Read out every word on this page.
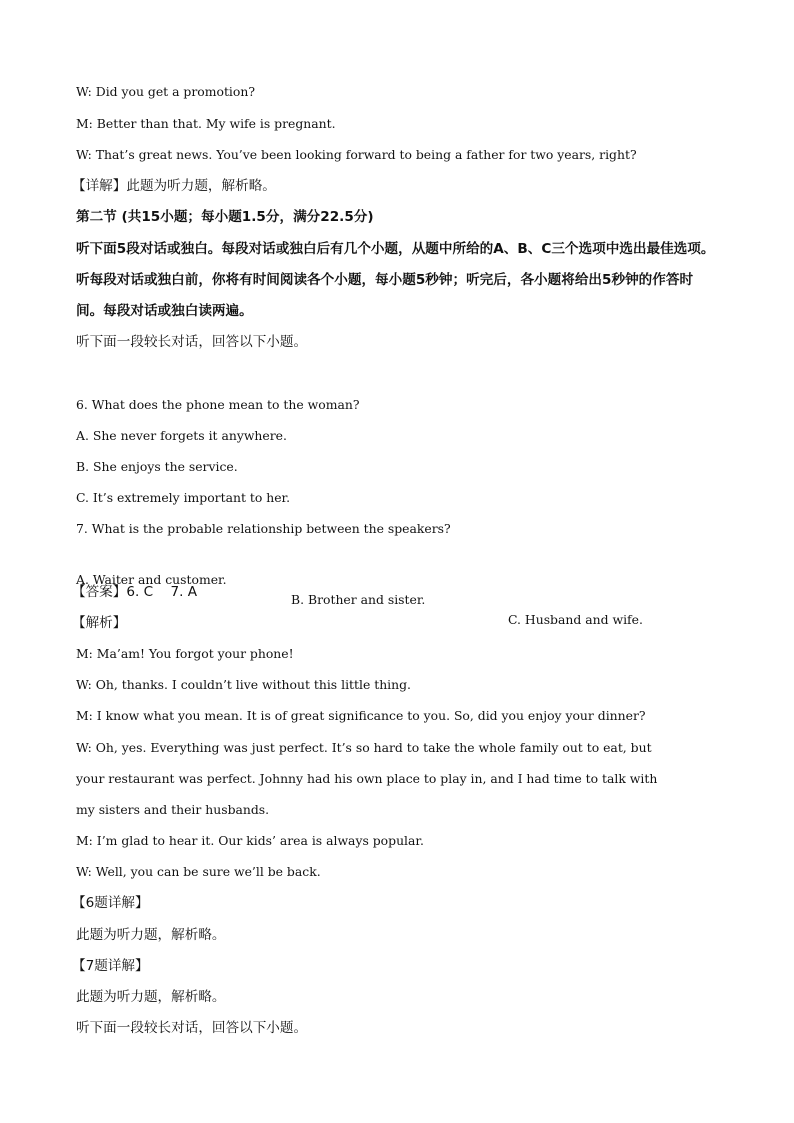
W: Did you get a promotion?
M: Better than that. My wife is pregnant.
W: That’s great news. You’ve been looking forward to being a father for two years, right?
【详解】此题为听力题，解析略。
第二节 (共15小题；每小题1.5分，满分22.5分)
听下面5段对话或独白。每段对话或独白后有几个小题，从题中所给的A、B、C三个选项中选出最佳选项。
听每段对话或独白前，你将有时间阅读各个小题，每小题5秒钟；听完后，各小题将给出5秒钟的作答时
间。每段对话或独白读两遍。
听下面一段较长对话，回答以下小题。
6. What does the phone mean to the woman?
A. She never forgets it anywhere.
B. She enjoys the service.
C. It’s extremely important to her.
7. What is the probable relationship between the speakers?

A. Waiter and customer.

B. Brother and sister.

C. Husband and wife.

【答案】6. C    7. A
【解析】
M: Ma’am! You forgot your phone!
W: Oh, thanks. I couldn’t live without this little thing.
M: I know what you mean. It is of great significance to you. So, did you enjoy your dinner?
W: Oh, yes. Everything was just perfect. It’s so hard to take the whole family out to eat, but
your restaurant was perfect. Johnny had his own place to play in, and I had time to talk with
my sisters and their husbands.
M: I’m glad to hear it. Our kids’ area is always popular.
W: Well, you can be sure we’ll be back.
【6题详解】
此题为听力题，解析略。
【7题详解】
此题为听力题，解析略。
听下面一段较长对话，回答以下小题。
